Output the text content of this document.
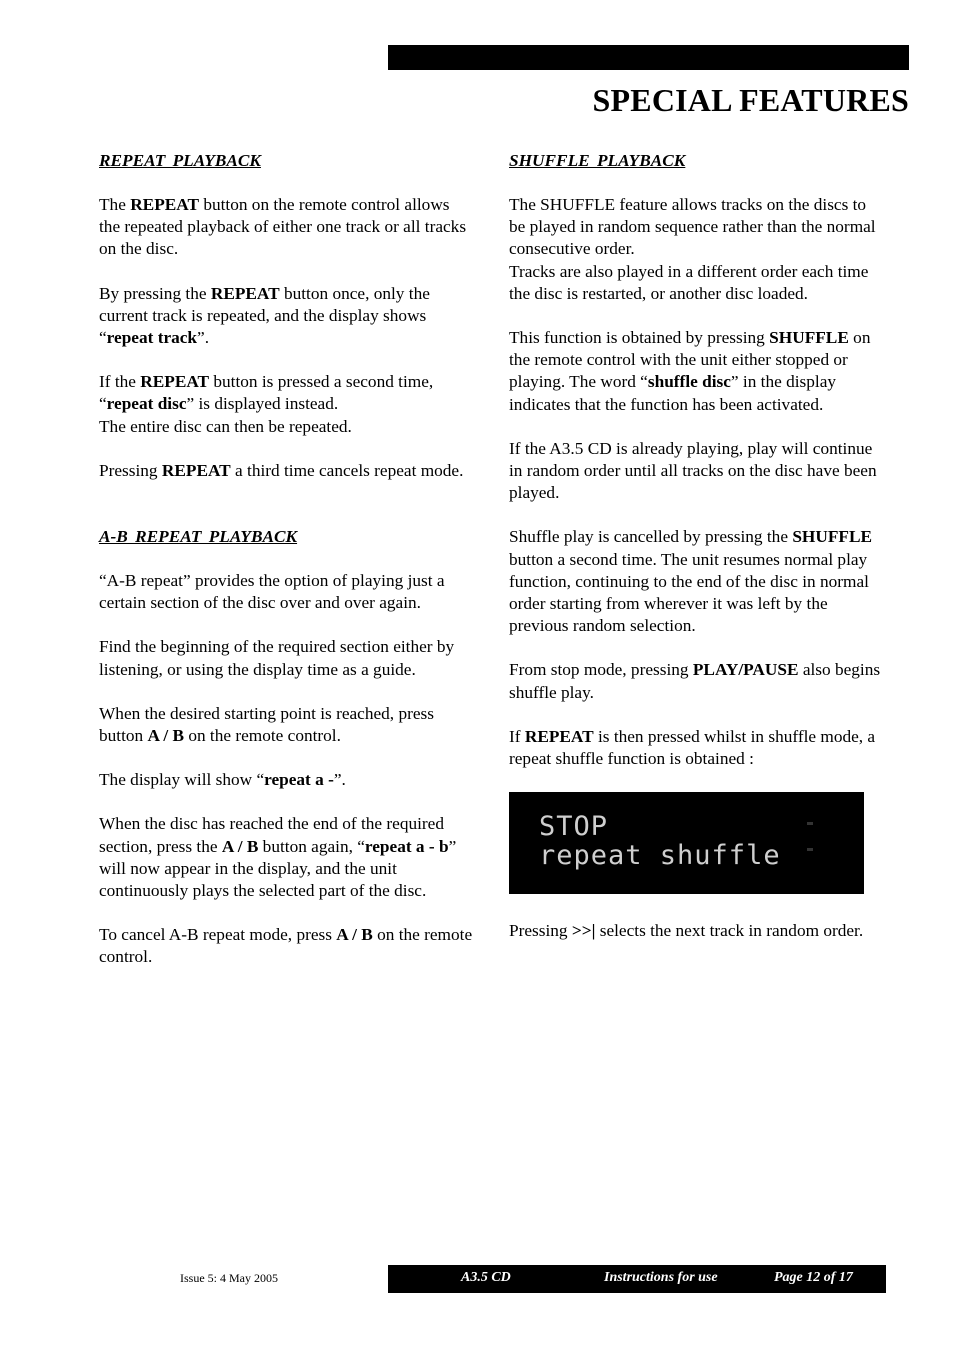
SPECIAL FEATURES
REPEAT PLAYBACK

The REPEAT button on the remote control allows the repeated playback of either one track or all tracks on the disc.

By pressing the REPEAT button once, only the current track is repeated, and the display shows “repeat track”.

If the REPEAT button is pressed a second time, “repeat disc” is displayed instead.
The entire disc can then be repeated.

Pressing REPEAT a third time cancels repeat mode.

A-B REPEAT PLAYBACK

“A-B repeat” provides the option of playing just a certain section of the disc over and over again.

Find the beginning of the required section either by listening, or using the display time as a guide.

When the desired starting point is reached, press button A / B on the remote control.

The display will show “repeat a -”.

When the disc has reached the end of the required section, press the A / B button again, “repeat a - b” will now appear in the display, and the unit continuously plays the selected part of the disc.

To cancel A-B repeat mode, press A / B on the remote control.

SHUFFLE PLAYBACK

The SHUFFLE feature allows tracks on the discs to be played in random sequence rather than the normal consecutive order.
Tracks are also played in a different order each time the disc is restarted, or another disc loaded.

This function is obtained by pressing SHUFFLE on the remote control with the unit either stopped or playing. The word “shuffle disc” in the display indicates that the function has been activated.

If the A3.5 CD is already playing, play will continue in random order until all tracks on the disc have been played.

Shuffle play is cancelled by pressing the SHUFFLE button a second time. The unit resumes normal play function, continuing to the end of the disc in normal order starting from wherever it was left by the previous random selection.

From stop mode, pressing PLAY/PAUSE also begins shuffle play.

If REPEAT is then pressed whilst in shuffle mode, a repeat shuffle function is obtained :

STOP
repeat shuffle

Pressing >>| selects the next track in random order.

Issue 5: 4 May 2005	A3.5 CD	Instructions for use	Page 12 of 17
